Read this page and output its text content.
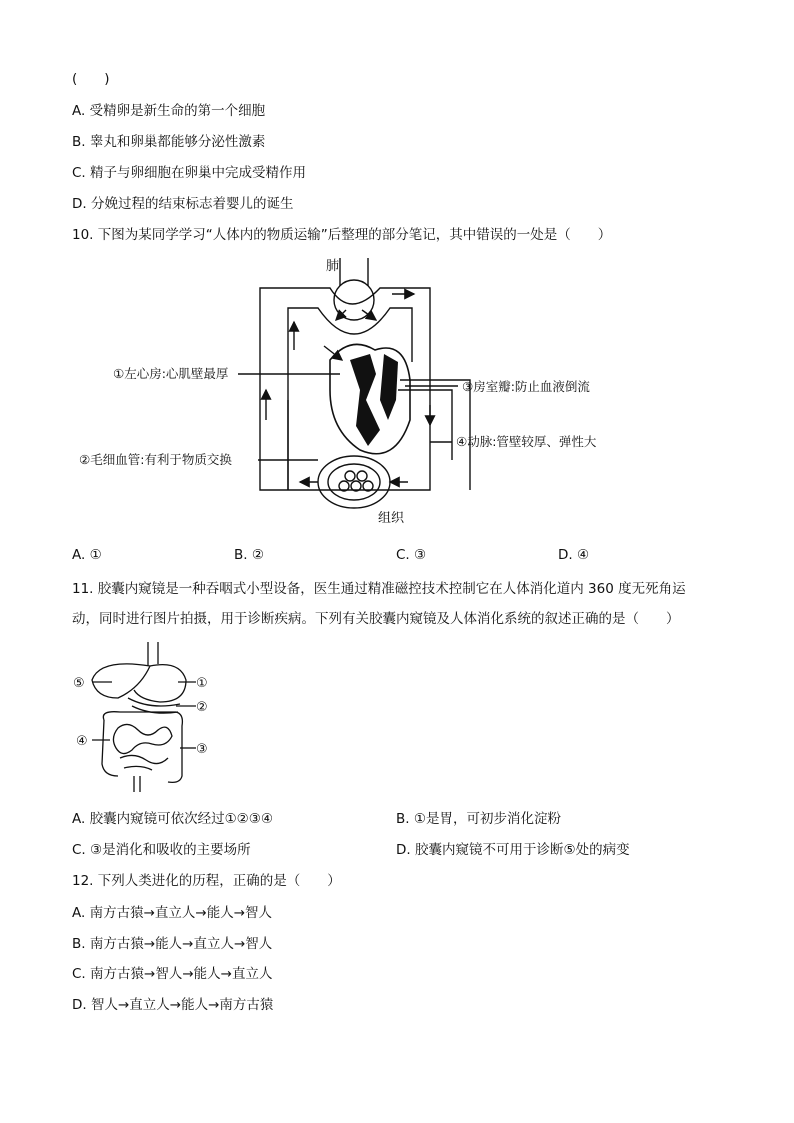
(　　)
A. 受精卵是新生命的第一个细胞
B. 睾丸和卵巢都能够分泌性激素
C. 精子与卵细胞在卵巢中完成受精作用
D. 分娩过程的结束标志着婴儿的诞生
10. 下图为某同学学习“人体内的物质运输”后整理的部分笔记，其中错误的一处是（　　）
肺
组织
①左心房:心肌壁最厚
②毛细血管:有利于物质交换
③房室瓣:防止血液倒流
④动脉:管壁较厚、弹性大
A. ①	B. ②	C. ③	D. ④
11. 胶囊内窥镜是一种吞咽式小型设备，医生通过精准磁控技术控制它在人体消化道内 360 度无死角运
动，同时进行图片拍摄，用于诊断疾病。下列有关胶囊内窥镜及人体消化系统的叙述正确的是（　　）
⑤	①
②
④
③
A. 胶囊内窥镜可依次经过①②③④	B. ①是胃，可初步消化淀粉
C. ③是消化和吸收的主要场所	D. 胶囊内窥镜不可用于诊断⑤处的病变
12. 下列人类进化的历程，正确的是（　　）
A. 南方古猿→直立人→能人→智人
B. 南方古猿→能人→直立人→智人
C. 南方古猿→智人→能人→直立人
D. 智人→直立人→能人→南方古猿
